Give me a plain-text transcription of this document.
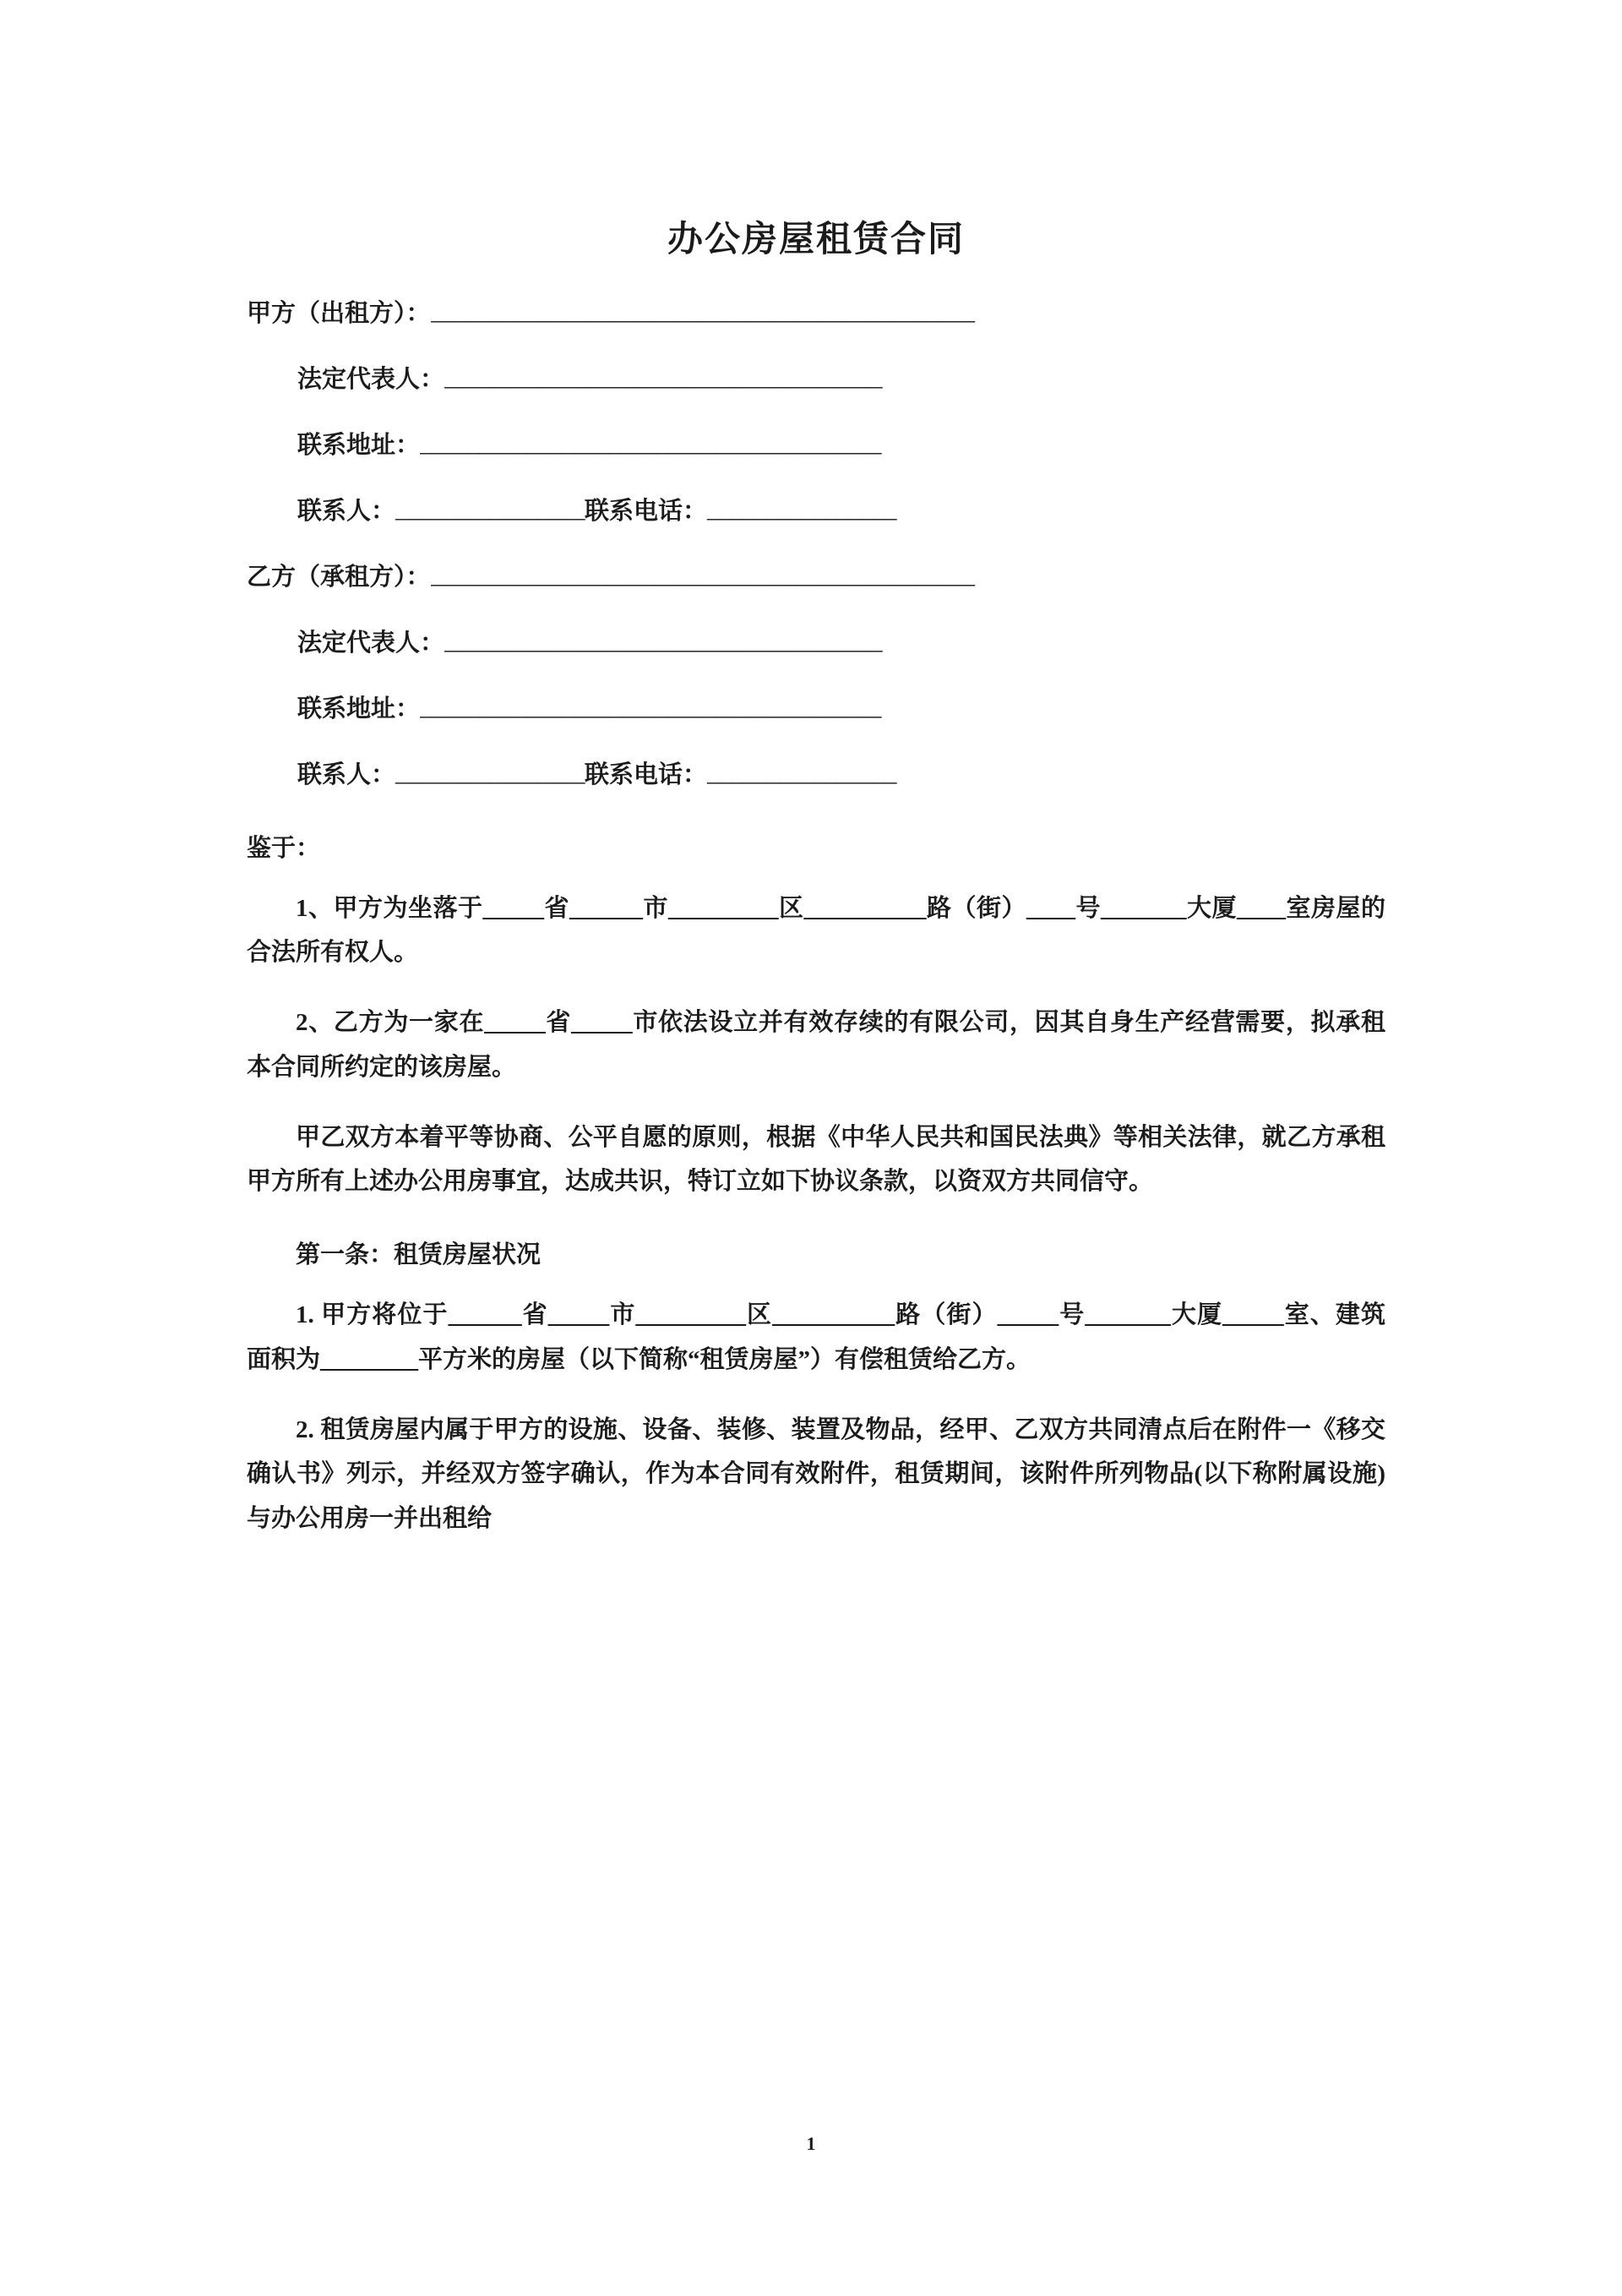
办公房屋租赁合同
甲方（出租方）： ______________________________________________
法定代表人： _____________________________________
联系地址： _______________________________________
联系人： ________________ 联系电话： ________________
乙方（承租方）： ______________________________________________
法定代表人： _____________________________________
联系地址： _______________________________________
联系人： ________________ 联系电话： ________________
鉴于：

1、甲方为坐落于_____省______市_________区__________路（街）____号_______大厦____室房屋的合法所有权人。

2、乙方为一家在_____省_____市依法设立并有效存续的有限公司，因其自身生产经营需要，拟承租本合同所约定的该房屋。

甲乙双方本着平等协商、公平自愿的原则，根据《中华人民共和国民法典》等相关法律，就乙方承租甲方所有上述办公用房事宜，达成共识，特订立如下协议条款，以资双方共同信守。

第一条：租赁房屋状况

1. 甲方将位于______省_____市_________区__________路（街）_____号_______大厦_____室、建筑面积为________平方米的房屋（以下简称“租赁房屋”）有偿租赁给乙方。

2. 租赁房屋内属于甲方的设施、设备、装修、装置及物品，经甲、乙双方共同清点后在附件一《移交确认书》列示，并经双方签字确认，作为本合同有效附件，租赁期间，该附件所列物品(以下称附属设施)与办公用房一并出租给

1
